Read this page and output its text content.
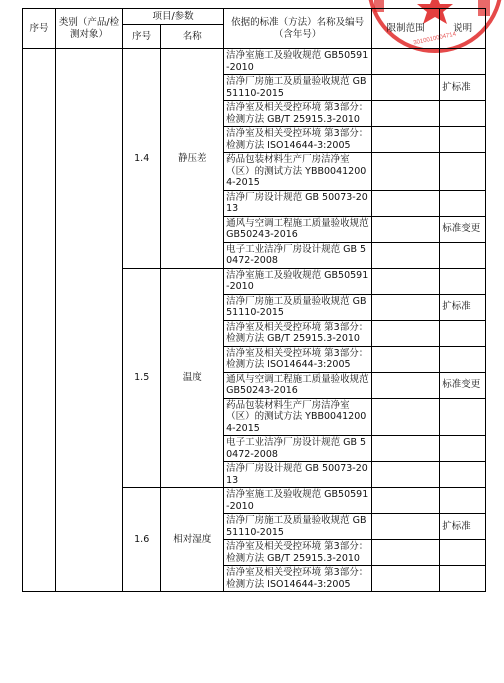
3010010004714
序号	类别（产品/检测对象）	项目/参数		依据的标准（方法）名称及编号（含年号）	限制范围	说明
		序号	名称			
		1.4	静压差	洁净室施工及验收规范 GB50591-2010		
				洁净厂房施工及质量验收规范 GB51110-2015		扩标准
				洁净室及相关受控环境 第3部分：检测方法 GB/T 25915.3-2010		
				洁净室及相关受控环境 第3部分：检测方法 ISO14644-3:2005		
				药品包装材料生产厂房洁净室（区）的测试方法 YBB00412004-2015		
				洁净厂房设计规范 GB 50073-2013		
				通风与空调工程施工质量验收规范 GB50243-2016		标准变更
				电子工业洁净厂房设计规范 GB 50472-2008		
		1.5	温度	洁净室施工及验收规范 GB50591-2010		
				洁净厂房施工及质量验收规范 GB51110-2015		扩标准
				洁净室及相关受控环境 第3部分：检测方法 GB/T 25915.3-2010		
				洁净室及相关受控环境 第3部分：检测方法 ISO14644-3:2005		
				通风与空调工程施工质量验收规范 GB50243-2016		标准变更
				药品包装材料生产厂房洁净室（区）的测试方法 YBB00412004-2015		
				电子工业洁净厂房设计规范 GB 50472-2008		
				洁净厂房设计规范 GB 50073-2013		
		1.6	相对湿度	洁净室施工及验收规范 GB50591-2010		
				洁净厂房施工及质量验收规范 GB51110-2015		扩标准
				洁净室及相关受控环境 第3部分：检测方法 GB/T 25915.3-2010		
				洁净室及相关受控环境 第3部分：检测方法 ISO14644-3:2005		
